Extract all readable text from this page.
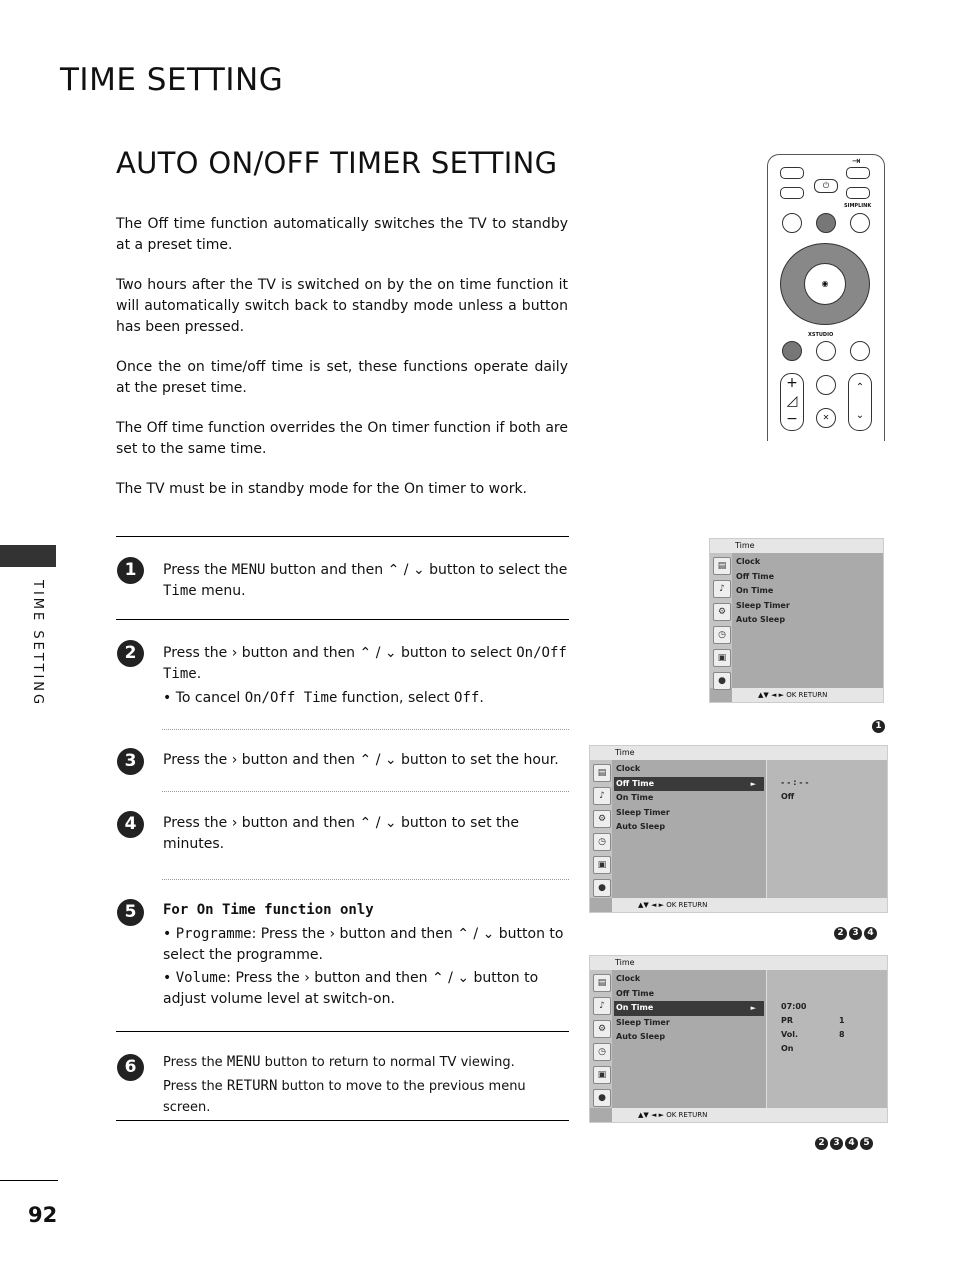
TIME SETTING
AUTO ON/OFF TIMER SETTING

The Off time function automatically switches the TV to standby at a preset time.

Two hours after the TV is switched on by the on time function it will automatically switch back to standby mode unless a button has been pressed.

Once the on time/off time is set, these functions operate daily at the preset time.

The Off time function overrides the On timer function if both are set to the same time.

The TV must be in standby mode for the On timer to work.

TIME SETTING
92
1	Press the MENU button and then ⌃ / ⌄ button to select the Time menu.

2	Press the › button and then ⌃ / ⌄ button to select On/Off Time.

• To cancel On/Off Time function, select Off.

3	Press the › button and then ⌃ / ⌄ button to set the hour.

4	Press the › button and then ⌃ / ⌄ button to set the minutes.

5	For On Time function only

• Programme: Press the › button and then ⌃ / ⌄ button to select the programme.

• Volume: Press the › button and then ⌃ / ⌄ button to adjust volume level at switch-on.

6	Press the MENU button to return to normal TV viewing.

Press the RETURN button to move to the previous menu screen.

⇥
⏻
SIMPLINK
◉
XSTUDIO
+
◿
−	✕
⌃
⌄
Time
▤
♪
⚙
◷
▣
●
Clock
Off Time
On Time
Sleep Timer
Auto Sleep
▲▼ ◄ ► OK RETURN
1
Time
▤
♪
⚙
◷
▣
●
Clock
Off Time	►
On Time
Sleep Timer
Auto Sleep
- - : - -
Off
▲▼ ◄ ► OK RETURN
2 3 4
Time
▤
♪
⚙
◷
▣
●
Clock
Off Time
On Time	►
Sleep Timer
Auto Sleep
07:00
PR	1
Vol.	8
On
▲▼ ◄ ► OK RETURN
2 3 4 5
